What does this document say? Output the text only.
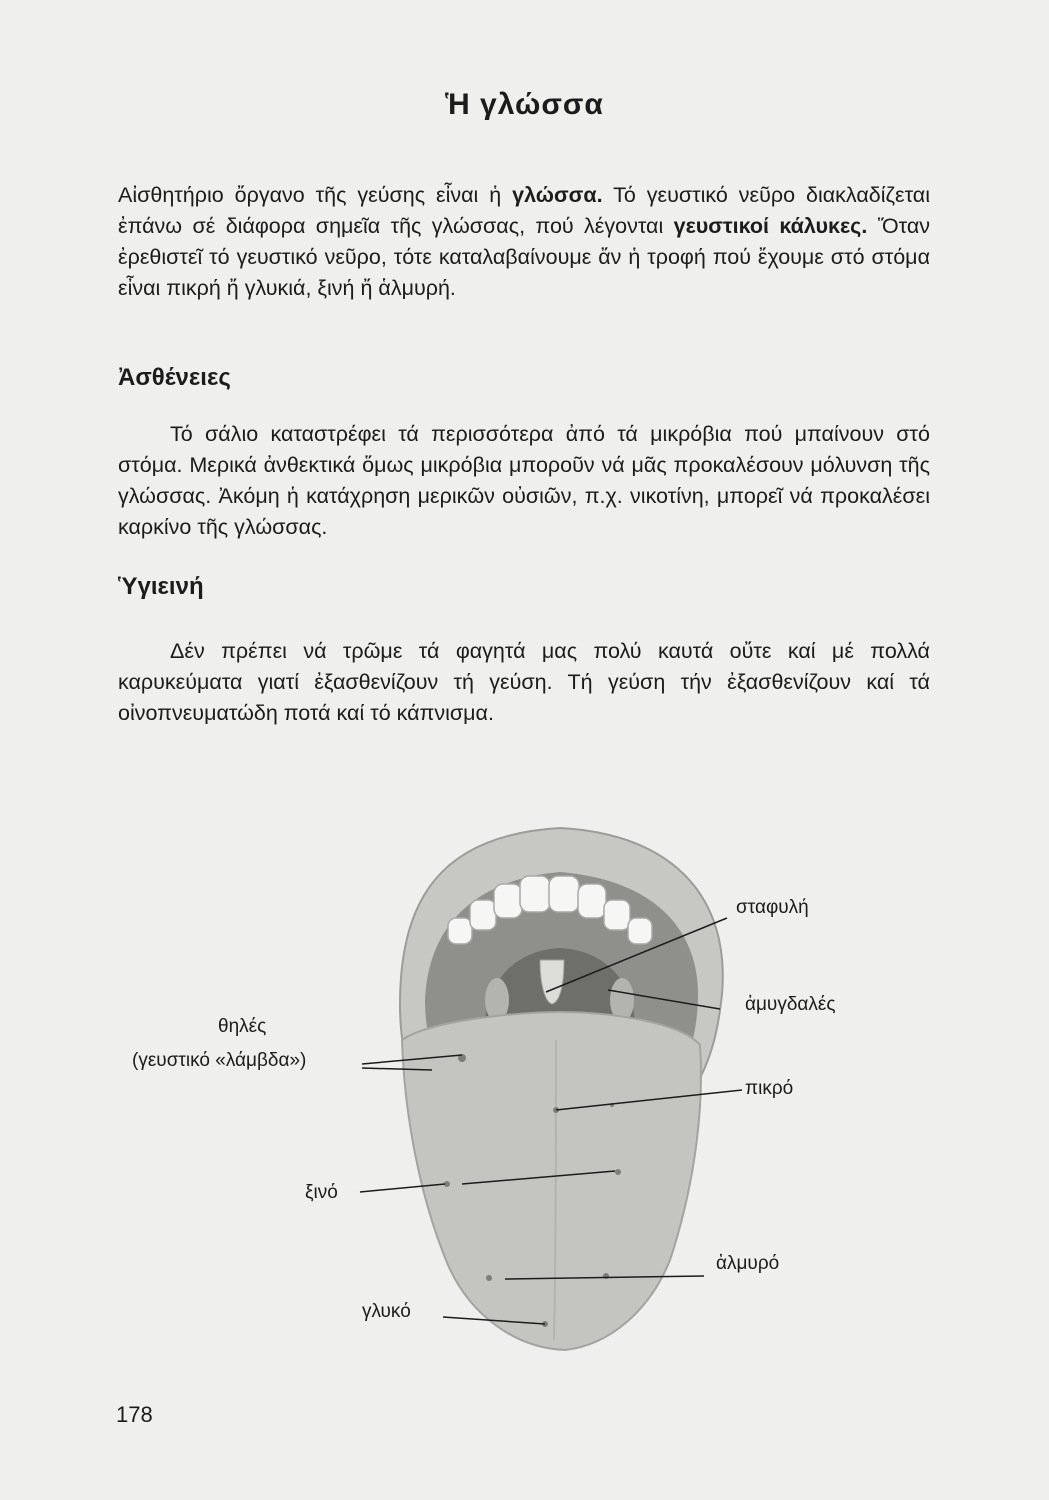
Ἡ γλώσσα

Αἰσθητήριο ὄργανο τῆς γεύσης εἶναι ἡ γλώσσα. Τό γευστικό νεῦρο διακλαδίζεται ἐπάνω σέ διάφορα σημεῖα τῆς γλώσσας, πού λέγονται γευστικοί κάλυκες. Ὅταν ἐρεθιστεῖ τό γευστικό νεῦρο, τότε καταλαβαίνουμε ἄν ἡ τροφή πού ἔχουμε στό στόμα εἶναι πικρή ἤ γλυκιά, ξινή ἤ ἁλμυρή.

Ἀσθένειες

Τό σάλιο καταστρέφει τά περισσότερα ἀπό τά μικρόβια πού μπαίνουν στό στόμα. Μερικά ἀνθεκτικά ὅμως μικρόβια μποροῦν νά μᾶς προκαλέσουν μόλυνση τῆς γλώσσας. Ἀκόμη ἡ κατάχρηση μερικῶν οὐσιῶν, π.χ. νικοτίνη, μπορεῖ νά προκαλέσει καρκίνο τῆς γλώσσας.

Ὑγιεινή

Δέν πρέπει νά τρῶμε τά φαγητά μας πολύ καυτά οὔτε καί μέ πολλά καρυκεύματα γιατί ἐξασθενίζουν τή γεύση. Τή γεύση τήν ἐξασθενίζουν καί τά οἰνοπνευματώδη ποτά καί τό κάπνισμα.

σταφυλή
ἀμυγδαλές
θηλές
(γευστικό «λάμβδα»)
πικρό
ξινό
ἁλμυρό
γλυκό
178
